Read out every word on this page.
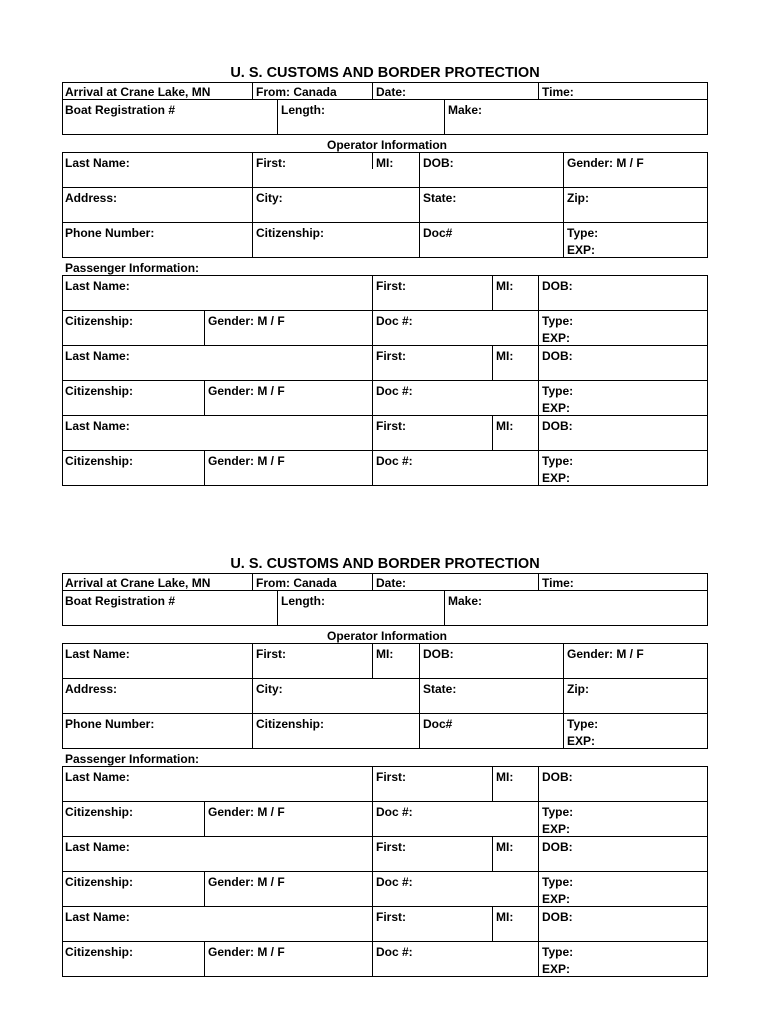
U. S. CUSTOMS AND BORDER PROTECTION
Arrival at Crane Lake, MN	From: Canada	Date:	Time:
Boat Registration #	Length:	Make:
Operator Information
Last Name:	First:	MI: DOB:	Gender: M / F
Address:	City:	State:	Zip:
Phone Number:	Citizenship:	Doc#	Type:
EXP:
Passenger Information:
Last Name:	First:	MI: DOB:
Citizenship:	Gender: M / F	Doc #:	Type:
EXP:
Last Name:	First:	MI: DOB:
Citizenship:	Gender: M / F	Doc #:	Type:
EXP:
Last Name:	First:	MI: DOB:
Citizenship:	Gender: M / F	Doc #:	Type:
EXP:
U. S. CUSTOMS AND BORDER PROTECTION
Arrival at Crane Lake, MN	From: Canada	Date:	Time:
Boat Registration #	Length:	Make:
Operator Information
Last Name:	First:	MI: DOB:	Gender: M / F
Address:	City:	State:	Zip:
Phone Number:	Citizenship:	Doc#	Type:
EXP:
Passenger Information:
Last Name:	First:	MI: DOB:
Citizenship:	Gender: M / F	Doc #:	Type:
EXP:
Last Name:	First:	MI: DOB:
Citizenship:	Gender: M / F	Doc #:	Type:
EXP:
Last Name:	First:	MI: DOB:
Citizenship:	Gender: M / F	Doc #:	Type:
EXP:
